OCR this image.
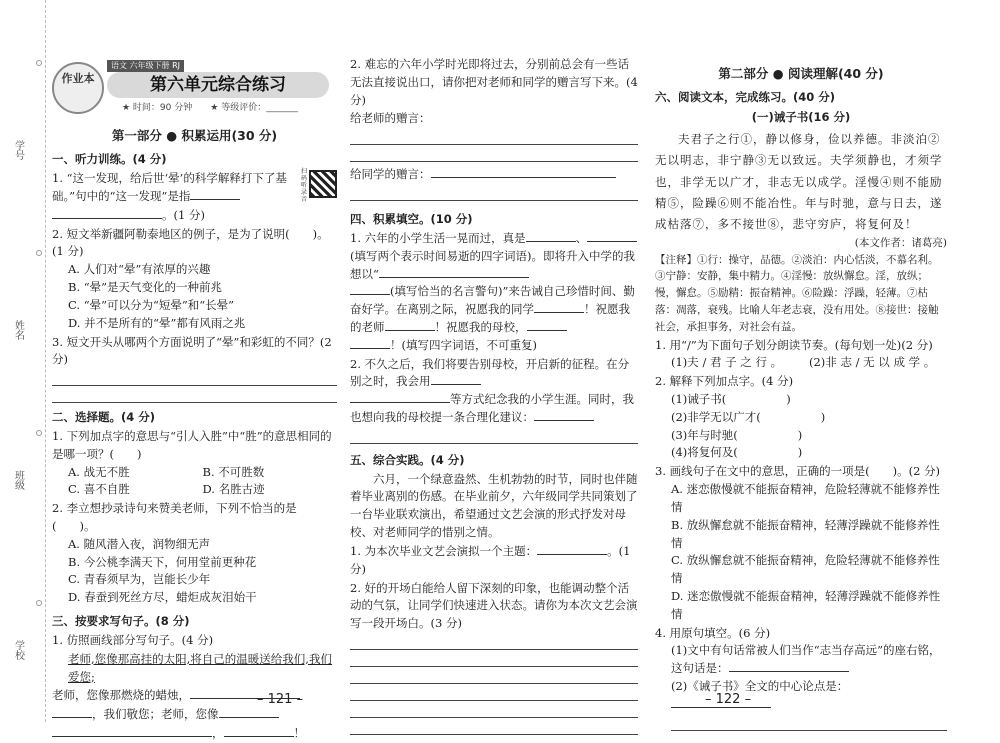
学号
姓名
班级
学校
作业本
语文 六年级下册 RJ
第六单元综合练习
★ 时间：90 分钟　　 ★ 等级评价：_______
第一部分 ● 积累运用(30 分)
一、听力训练。(4 分)
1. “这一发现，给后世‘晕’的科学解释打下了基础。”句中的“这一发现”是指
。(1 分)
扫码听录音
2. 短文举新疆阿勒泰地区的例子，是为了说明(　　)。(1 分)
A. 人们对“晕”有浓厚的兴趣
B. “晕”是天气变化的一种前兆
C. “晕”可以分为“短晕”和“长晕”
D. 并不是所有的“晕”都有风雨之兆
3. 短文开头从哪两个方面说明了“晕”和彩虹的不同？(2 分)
二、选择题。(4 分)
1. 下列加点字的意思与“引人入胜”中“胜”的意思相同的是哪一项？(　　)
A. 战无不胜	B. 不可胜数
C. 喜不自胜	D. 名胜古迹
2. 李立想抄录诗句来赞美老师，下列不恰当的是(　　)。
A. 随风潜入夜，润物细无声
B. 今公桃李满天下，何用堂前更种花
C. 青春须早为，岂能长少年
D. 春蚕到死丝方尽，蜡炬成灰泪始干
三、按要求写句子。(8 分)
1. 仿照画线部分写句子。(4 分)
老师,您像那高挂的太阳,将自己的温暖送给我们,我们爱您;
老师，您像那燃烧的蜡烛，
，我们敬您；老师，您像
，	！
– 121 –
2. 难忘的六年小学时光即将过去，分别前总会有一些话无法直接说出口，请你把对老师和同学的赠言写下来。(4 分)
给老师的赠言：
给同学的赠言：
四、积累填空。(10 分)
1. 六年的小学生活一晃而过，真是	、(填写两个表示时间易逝的四字词语)。即将升入中学的我想以“
(填写恰当的名言警句)”来告诫自己珍惜时间、勤奋好学。在离别之际，祝愿我的同学	！祝愿我的老师	！祝愿我的母校，
！(填写四字词语，不可重复)
2. 不久之后，我们将要告别母校，开启新的征程。在分别之时，我会用
等方式纪念我的小学生涯。同时，我也想向我的母校提一条合理化建议：
五、综合实践。(4 分)
六月，一个绿意盎然、生机勃勃的时节，同时也伴随着毕业离别的伤感。在毕业前夕，六年级同学共同策划了一台毕业联欢演出，希望通过文艺会演的形式抒发对母校、对老师同学的惜别之情。
1. 为本次毕业文艺会演拟一个主题：	。(1 分)
2. 好的开场白能给人留下深刻的印象，也能调动整个活动的气氛，让同学们快速进入状态。请你为本次文艺会演写一段开场白。(3 分)
第二部分 ● 阅读理解(40 分)
六、阅读文本，完成练习。(40 分)
(一)诫子书(16 分)
夫君子之行①，静以修身，俭以养德。非淡泊②无以明志，非宁静③无以致远。夫学须静也，才须学也，非学无以广才，非志无以成学。淫慢④则不能励精⑤，险躁⑥则不能冶性。年与时驰，意与日去，遂成枯落⑦，多不接世⑧，悲守穷庐，将复何及！
(本文作者：诸葛亮)
【注释】①行：操守，品德。②淡泊：内心恬淡，不慕名利。③宁静：安静，集中精力。④淫慢：放纵懈怠。淫，放纵；慢，懈怠。⑤励精：振奋精神。⑥险躁：浮躁，轻薄。⑦枯落：凋落，衰残。比喻人年老志衰，没有用处。⑧接世：接触社会，承担事务，对社会有益。
1. 用“/”为下面句子划分朗读节奏。(每句划一处)(2 分)
(1)夫 / 君 子 之 行 。	(2)非 志 / 无 以 成 学 。
2. 解释下列加点字。(4 分)
(1)诫子书(	)
(2)非学无以广才(	)
(3)年与时驰(	)
(4)将复何及(	)
3. 画线句子在文中的意思，正确的一项是(　　)。(2 分)
A. 迷恋傲慢就不能振奋精神，危险轻薄就不能修养性情
B. 放纵懈怠就不能振奋精神，轻薄浮躁就不能修养性情
C. 放纵懈怠就不能振奋精神，危险轻薄就不能修养性情
D. 迷恋傲慢就不能振奋精神，轻薄浮躁就不能修养性情
4. 用原句填空。(6 分)
(1)文中有句话常被人们当作“志当存高远”的座右铭，这句话是：
(2)《诫子书》全文的中心论点是：
– 122 –
